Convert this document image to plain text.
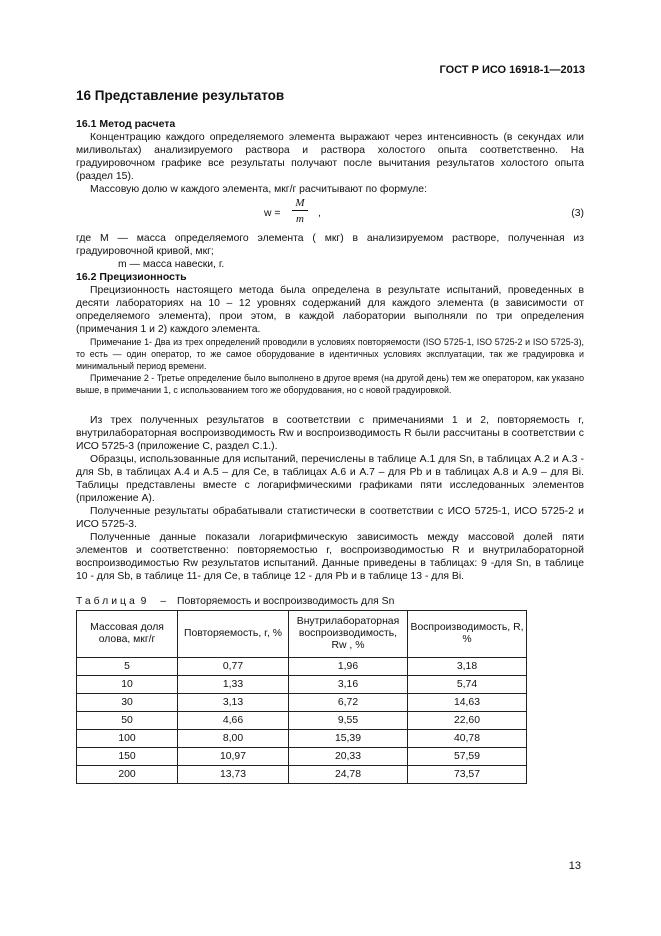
ГОСТ Р ИСО 16918-1—2013
16 Представление результатов
16.1 Метод расчета

Концентрацию каждого определяемого элемента выражают через интенсивность (в секундах или миливольтах) анализируемого раствора и раствора холостого опыта соответственно. На градуировочном графике все результаты получают после вычитания результатов холостого опыта (раздел 15).

Массовую долю w каждого элемента, мкг/г расчитывают по формуле:

$w = \frac{M}{m}$ ,	(3)

где M — масса определяемого элемента ( мкг) в анализируемом растворе, полученная из градуировочной кривой, мкг;

m — масса навески, г.

16.2 Прецизионность

Прецизионность настоящего метода была определена в результате испытаний, проведенных в десяти лабораториях на 10 – 12 уровнях содержаний для каждого элемента (в зависимости от определяемого элемента), прои этом, в каждой лаборатории выполняли по три определения (примечания 1 и 2) каждого элемента.

Примечание 1- Два из трех определений проводили в условиях повторяемости (ISO 5725-1, ISO 5725-2 и ISO 5725-3), то есть — один оператор, то же самое оборудование в идентичных условиях эксплуатации, так же градуировка и минимальный период времени.

Примечание 2 - Третье определение было выполнено в другое время (на другой день) тем же оператором, как указано выше, в примечании 1, с использованием того же оборудования, но с новой градуировкой.

Из трех полученных результатов в соответствии с примечаниями 1 и 2, повторяемость r, внутрилабораторная воспроизводимость Rw и воспроизводимость R были рассчитаны в соответствии с ИСО 5725-3 (приложение С, раздел С.1.).

Образцы, использованные для испытаний, перечислены в таблице А.1 для Sn, в таблицах А.2 и А.3 - для Sb, в таблицах А.4 и А.5 – для Се, в таблицах А.6 и А.7 – для Pb и в таблицах А.8 и А.9 – для Bi. Таблицы представлены вместе с логарифмическими графиками пяти исследованных элементов (приложение А).

Полученные результаты обрабатывали статистически в соответствии с ИСО 5725-1, ИСО 5725-2 и ИСО 5725-3.

Полученные данные показали логарифмическую зависимость между массовой долей пяти элементов и соответственно: повторяемостью r, воспроизводимостью R и внутрилабораторной воспроизводимостью Rw результатов испытаний. Данные приведены в таблицах: 9 -для Sn, в таблице 10 - для Sb, в таблице 11- для Се, в таблице 12 - для Pb и в таблице 13 - для Bi.

Таблица 9 – Повторяемость и воспроизводимость для Sn
Массовая доля олова, мкг/г	Повторяемость, r, %	Внутрилабораторная воспроизводимость, Rw , %	Воспроизводимость, R, %
5	0,77	1,96	3,18
10	1,33	3,16	5,74
30	3,13	6,72	14,63
50	4,66	9,55	22,60
100	8,00	15,39	40,78
150	10,97	20,33	57,59
200	13,73	24,78	73,57
13
